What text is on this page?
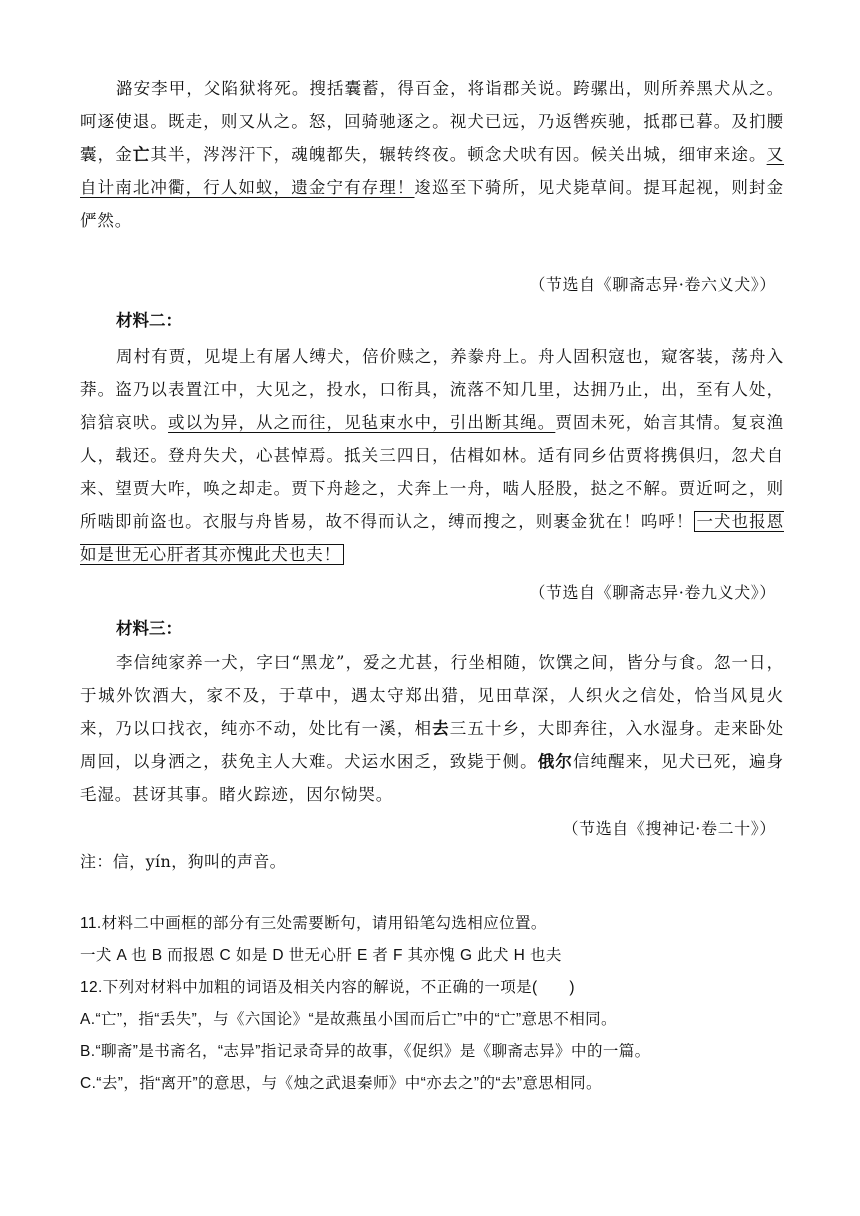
潞安李甲，父陷狱将死。搜括囊蓄，得百金，将诣郡关说。跨骡出，则所养黑犬从之。呵逐使退。既走，则又从之。怒，回骑驰逐之。视犬已远，乃返辔疾驰，抵郡已暮。及扪腰囊，金亡其半，涔涔汗下，魂魄都失，辗转终夜。顿念犬吠有因。候关出城，细审来途。又自计南北冲衢，行人如蚁，遗金宁有存理！逡巡至下骑所，见犬毙草间。提耳起视，则封金俨然。

（节选自《聊斋志异·卷六义犬》）

材料二：

周村有贾，见堤上有屠人缚犬，倍价赎之，养豢舟上。舟人固积寇也，窥客装，荡舟入莽。盗乃以表置江中，大见之，投水，口衔具，流落不知几里，达拥乃止，出，至有人处，狺狺哀吠。或以为异，从之而往，见毡束水中，引出断其绳。贾固未死，始言其情。复哀渔人，载还。登舟失犬，心甚悼焉。抵关三四日，估楫如林。适有同乡估贾将携俱归，忽犬自来、望贾大咋，唤之却走。贾下舟趁之，犬奔上一舟，啮人胫股，挞之不解。贾近呵之，则所啮即前盗也。衣服与舟皆易，故不得而认之，缚而搜之，则裹金犹在！呜呼！ 一犬也报恩如是世无心肝者其亦愧此犬也夫！

（节选自《聊斋志异·卷九义犬》）

材料三：

李信纯家养一犬，字曰“黑龙”，爱之尤甚，行坐相随，饮馔之间，皆分与食。忽一日，于城外饮酒大，家不及，于草中，遇太守郑出猎，见田草深，人织火之信处，恰当风見火来，乃以口找衣，纯亦不动，处比有一溪，相去三五十乡，大即奔往，入水湿身。走来卧处周回，以身洒之，获免主人大难。犬运水困乏，致毙于侧。俄尔信纯醒来，见犬已死，遍身毛湿。甚讶其事。睹火踪迹，因尔恸哭。

（节选自《搜神记·卷二十》）

注：信，yín，狗叫的声音。

11.材料二中画框的部分有三处需要断句，请用铅笔勾选相应位置。

一犬 A 也 B 而报恩 C 如是 D 世无心肝 E 者 F 其亦愧 G 此犬 H 也夫

12.下列对材料中加粗的词语及相关内容的解说，不正确的一项是(　　)

A.“亡”，指“丢失”，与《六国论》“是故燕虽小国而后亡”中的“亡”意思不相同。

B.“聊斋”是书斋名，“志异”指记录奇异的故事，《促织》是《聊斋志异》中的一篇。

C.“去”，指“离开”的意思，与《烛之武退秦师》中“亦去之”的“去”意思相同。
